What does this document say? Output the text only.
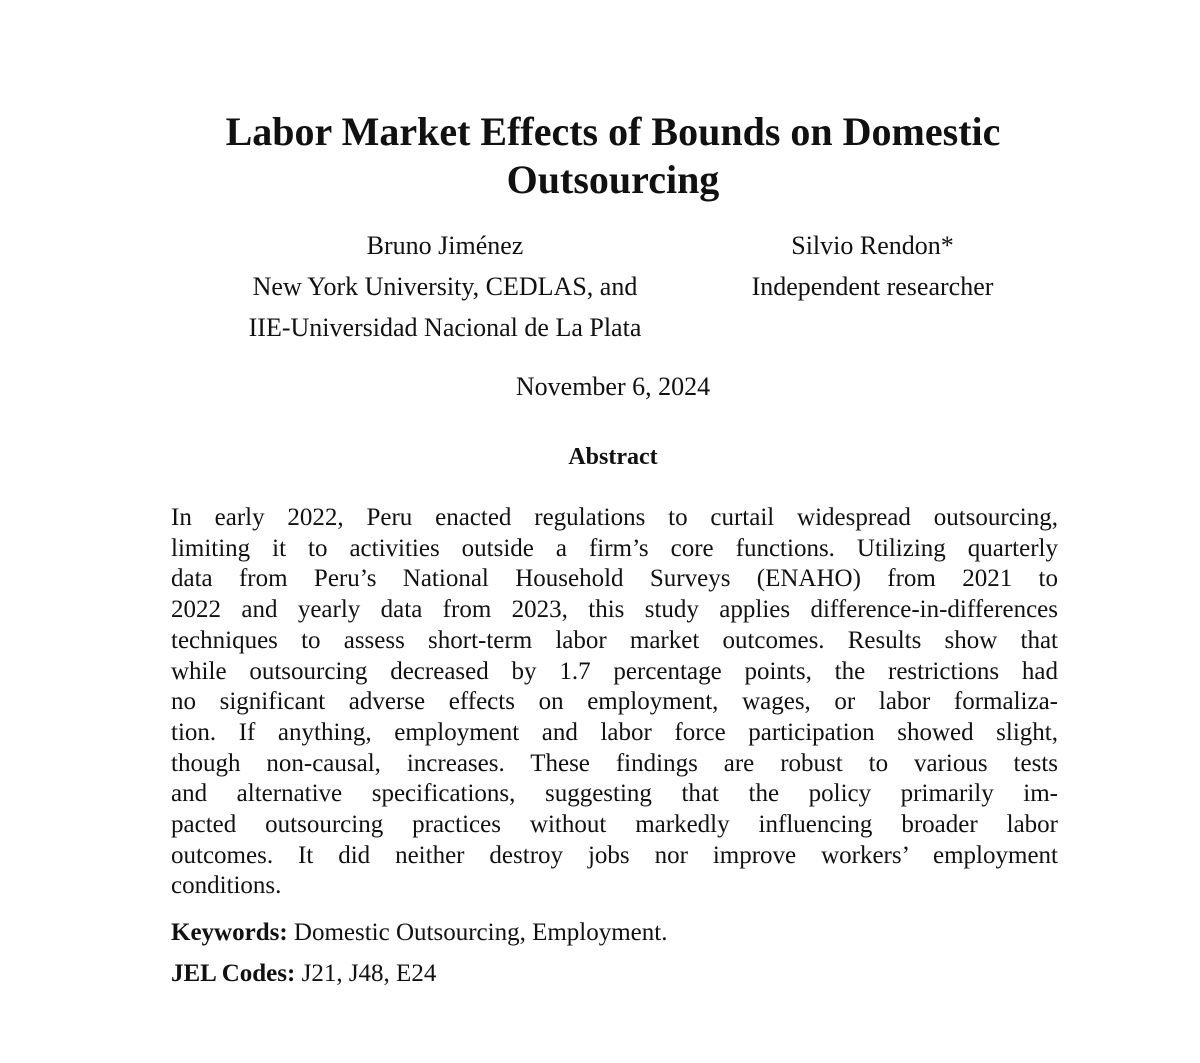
Labor Market Effects of Bounds on Domestic
Outsourcing
Bruno Jiménez
New York University, CEDLAS, and
IIE-Universidad Nacional de La Plata
Silvio Rendon*
Independent researcher
November 6, 2024
Abstract
In early 2022, Peru enacted regulations to curtail widespread outsourcing,
limiting it to activities outside a firm’s core functions. Utilizing quarterly
data from Peru’s National Household Surveys (ENAHO) from 2021 to
2022 and yearly data from 2023, this study applies difference-in-differences
techniques to assess short-term labor market outcomes. Results show that
while outsourcing decreased by 1.7 percentage points, the restrictions had
no significant adverse effects on employment, wages, or labor formaliza-
tion. If anything, employment and labor force participation showed slight,
though non-causal, increases. These findings are robust to various tests
and alternative specifications, suggesting that the policy primarily im-
pacted outsourcing practices without markedly influencing broader labor
outcomes. It did neither destroy jobs nor improve workers’ employment
conditions.
Keywords: Domestic Outsourcing, Employment.
JEL Codes: J21, J48, E24
